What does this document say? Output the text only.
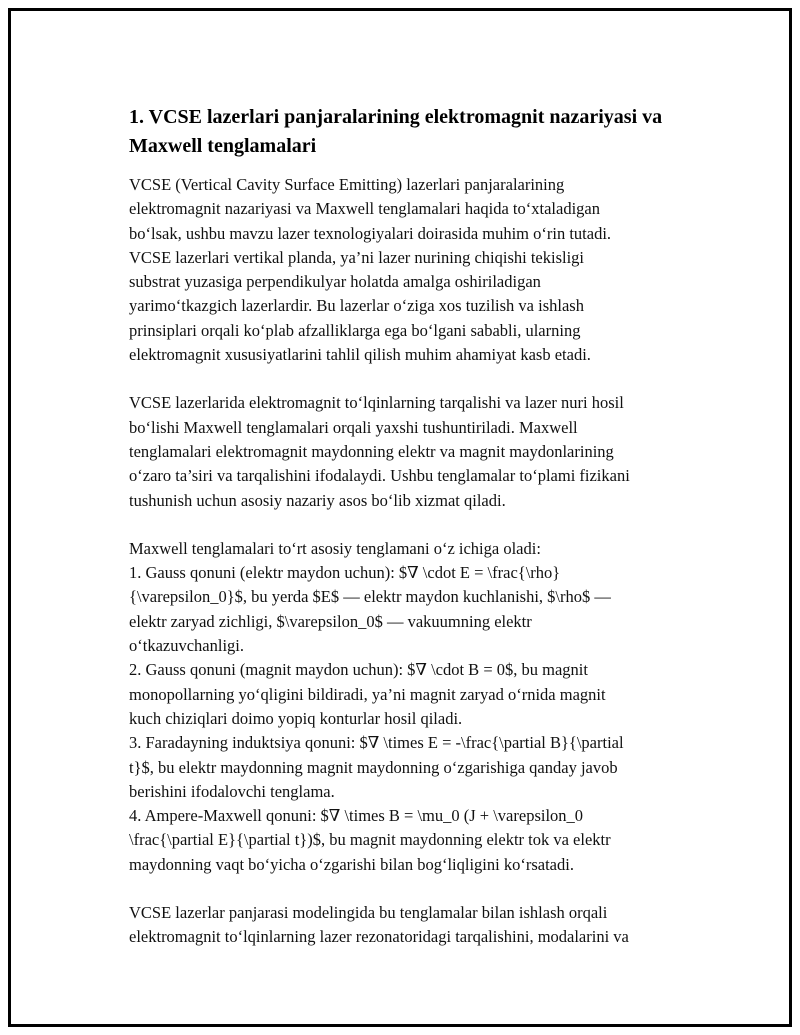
1. VCSE lazerlari panjaralarining elektromagnit nazariyasi va
Maxwell tenglamalari

VCSE (Vertical Cavity Surface Emitting) lazerlari panjaralarining
elektromagnit nazariyasi va Maxwell tenglamalari haqida to‘xtaladigan
bo‘lsak, ushbu mavzu lazer texnologiyalari doirasida muhim o‘rin tutadi.
VCSE lazerlari vertikal planda, ya’ni lazer nurining chiqishi tekisligi
substrat yuzasiga perpendikulyar holatda amalga oshiriladigan
yarimo‘tkazgich lazerlardir. Bu lazerlar o‘ziga xos tuzilish va ishlash
prinsiplari orqali ko‘plab afzalliklarga ega bo‘lgani sababli, ularning
elektromagnit xususiyatlarini tahlil qilish muhim ahamiyat kasb etadi.

VCSE lazerlarida elektromagnit to‘lqinlarning tarqalishi va lazer nuri hosil
bo‘lishi Maxwell tenglamalari orqali yaxshi tushuntiriladi. Maxwell
tenglamalari elektromagnit maydonning elektr va magnit maydonlarining
o‘zaro ta’siri va tarqalishini ifodalaydi. Ushbu tenglamalar to‘plami fizikani
tushunish uchun asosiy nazariy asos bo‘lib xizmat qiladi.

Maxwell tenglamalari to‘rt asosiy tenglamani o‘z ichiga oladi:
1. Gauss qonuni (elektr maydon uchun): $∇ \cdot E = \frac{\rho}
{\varepsilon_0}$, bu yerda $E$ — elektr maydon kuchlanishi, $\rho$ —
elektr zaryad zichligi, $\varepsilon_0$ — vakuumning elektr
o‘tkazuvchanligi.
2. Gauss qonuni (magnit maydon uchun): $∇ \cdot B = 0$, bu magnit
monopollarning yo‘qligini bildiradi, ya’ni magnit zaryad o‘rnida magnit
kuch chiziqlari doimo yopiq konturlar hosil qiladi.
3. Faradayning induktsiya qonuni: $∇ \times E = -\frac{\partial B}{\partial
t}$, bu elektr maydonning magnit maydonning o‘zgarishiga qanday javob
berishini ifodalovchi tenglama.
4. Ampere-Maxwell qonuni: $∇ \times B = \mu_0 (J + \varepsilon_0
\frac{\partial E}{\partial t})$, bu magnit maydonning elektr tok va elektr
maydonning vaqt bo‘yicha o‘zgarishi bilan bog‘liqligini ko‘rsatadi.

VCSE lazerlar panjarasi modelingida bu tenglamalar bilan ishlash orqali
elektromagnit to‘lqinlarning lazer rezonatoridagi tarqalishini, modalarini va
